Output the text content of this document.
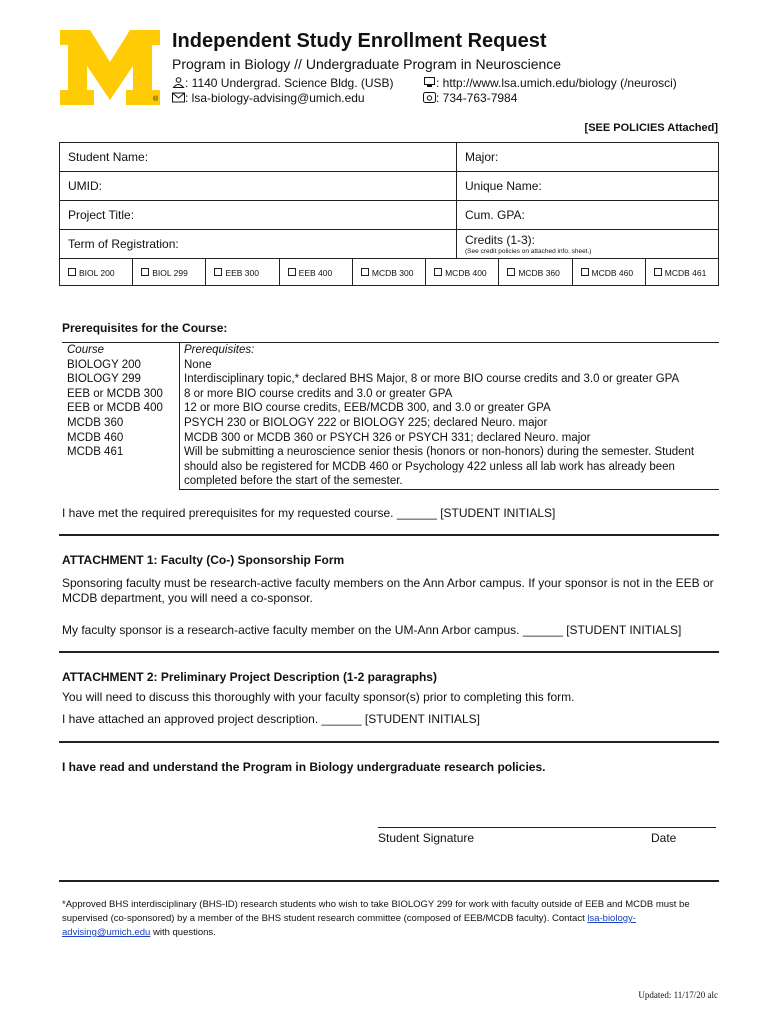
®
Independent Study Enrollment Request
Program in Biology // Undergraduate Program in Neuroscience
: 1140 Undergrad. Science Bldg. (USB)	: http://www.lsa.umich.edu/biology (/neurosci)
: lsa-biology-advising@umich.edu	: 734-763-7984
[SEE POLICIES Attached]
Student Name:	Major:
UMID:	Unique Name:
Project Title:	Cum. GPA:
Term of Registration:	Credits (1-3):
(See credit policies on attached info. sheet.)
BIOL 200	BIOL 299	EEB 300	EEB 400	MCDB 300	MCDB 400	MCDB 360	MCDB 460	MCDB 461
Prerequisites for the Course:
Course	Prerequisites:
BIOLOGY 200	None
BIOLOGY 299	Interdisciplinary topic,* declared BHS Major, 8 or more BIO course credits and 3.0 or greater GPA
EEB or MCDB 300	8 or more BIO course credits and 3.0 or greater GPA
EEB or MCDB 400	12 or more BIO course credits, EEB/MCDB 300, and 3.0 or greater GPA
MCDB 360	PSYCH 230 or BIOLOGY 222 or BIOLOGY 225; declared Neuro. major
MCDB 460	MCDB 300 or MCDB 360 or PSYCH 326 or PSYCH 331; declared Neuro. major
MCDB 461	Will be submitting a neuroscience senior thesis (honors or non-honors) during the semester. Student should also be registered for MCDB 460 or Psychology 422 unless all lab work has already been completed before the start of the semester.
I have met the required prerequisites for my requested course. ______ [STUDENT INITIALS]
ATTACHMENT 1: Faculty (Co-) Sponsorship Form
Sponsoring faculty must be research-active faculty members on the Ann Arbor campus. If your sponsor is not in the EEB or MCDB department, you will need a co-sponsor.
My faculty sponsor is a research-active faculty member on the UM-Ann Arbor campus. ______ [STUDENT INITIALS]
ATTACHMENT 2: Preliminary Project Description (1-2 paragraphs)
You will need to discuss this thoroughly with your faculty sponsor(s) prior to completing this form.
I have attached an approved project description. ______ [STUDENT INITIALS]
I have read and understand the Program in Biology undergraduate research policies.
Student Signature	Date
*Approved BHS interdisciplinary (BHS-ID) research students who wish to take BIOLOGY 299 for work with faculty outside of EEB and MCDB must be supervised (co-sponsored) by a member of the BHS student research committee (composed of EEB/MCDB faculty). Contact lsa-biology-advising@umich.edu with questions.
Updated: 11/17/20 alc
